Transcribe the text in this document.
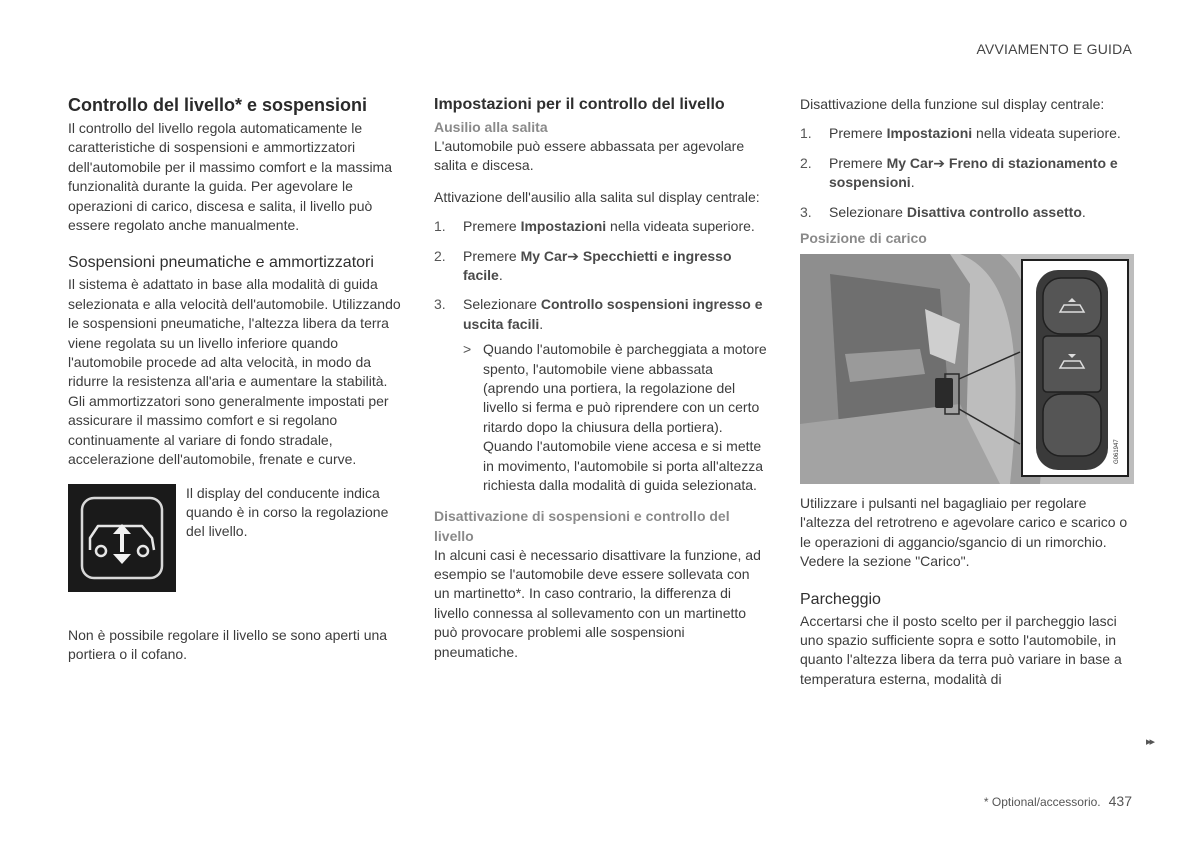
AVVIAMENTO E GUIDA
Controllo del livello* e sospensioni

Il controllo del livello regola automaticamente le caratteristiche di sospensioni e ammortizzatori dell'automobile per il massimo comfort e la massima funzionalità durante la guida. Per agevolare le operazioni di carico, discesa e salita, il livello può essere regolato anche manualmente.

Sospensioni pneumatiche e ammortizzatori

Il sistema è adattato in base alla modalità di guida selezionata e alla velocità dell'automobile. Utilizzando le sospensioni pneumatiche, l'altezza libera da terra viene regolata su un livello inferiore quando l'automobile procede ad alta velocità, in modo da ridurre la resistenza all'aria e aumentare la stabilità. Gli ammortizzatori sono generalmente impostati per assicurare il massimo comfort e si regolano continuamente al variare di fondo stradale, accelerazione dell'automobile, frenate e curve.

Il display del conducente indica quando è in corso la regolazione del livello.

Non è possibile regolare il livello se sono aperti una portiera o il cofano.

Impostazioni per il controllo del livello
Ausilio alla salita

L'automobile può essere abbassata per agevolare salita e discesa.

Attivazione dell'ausilio alla salita sul display centrale:

1. Premere Impostazioni nella videata superiore.
2. Premere My Car➔ Specchietti e ingresso facile.
3. Selezionare Controllo sospensioni ingresso e uscita facili.
> Quando l'automobile è parcheggiata a motore spento, l'automobile viene abbassata (aprendo una portiera, la regolazione del livello si ferma e può riprendere con un certo ritardo dopo la chiusura della portiera). Quando l'automobile viene accesa e si mette in movimento, l'automobile si porta all'altezza richiesta dalla modalità di guida selezionata.
Disattivazione di sospensioni e controllo del livello

In alcuni casi è necessario disattivare la funzione, ad esempio se l'automobile deve essere sollevata con un martinetto*. In caso contrario, la differenza di livello connessa al sollevamento con un martinetto può provocare problemi alle sospensioni pneumatiche.

Disattivazione della funzione sul display centrale:

1. Premere Impostazioni nella videata superiore.
2. Premere My Car➔ Freno di stazionamento e sospensioni.
3. Selezionare Disattiva controllo assetto.
Posizione di carico
G061947

Utilizzare i pulsanti nel bagagliaio per regolare l'altezza del retrotreno e agevolare carico e scarico o le operazioni di aggancio/sgancio di un rimorchio. Vedere la sezione "Carico".

Parcheggio

Accertarsi che il posto scelto per il parcheggio lasci uno spazio sufficiente sopra e sotto l'automobile, in quanto l'altezza libera da terra può variare in base a temperatura esterna, modalità di

▸▸
* Optional/accessorio. 437
